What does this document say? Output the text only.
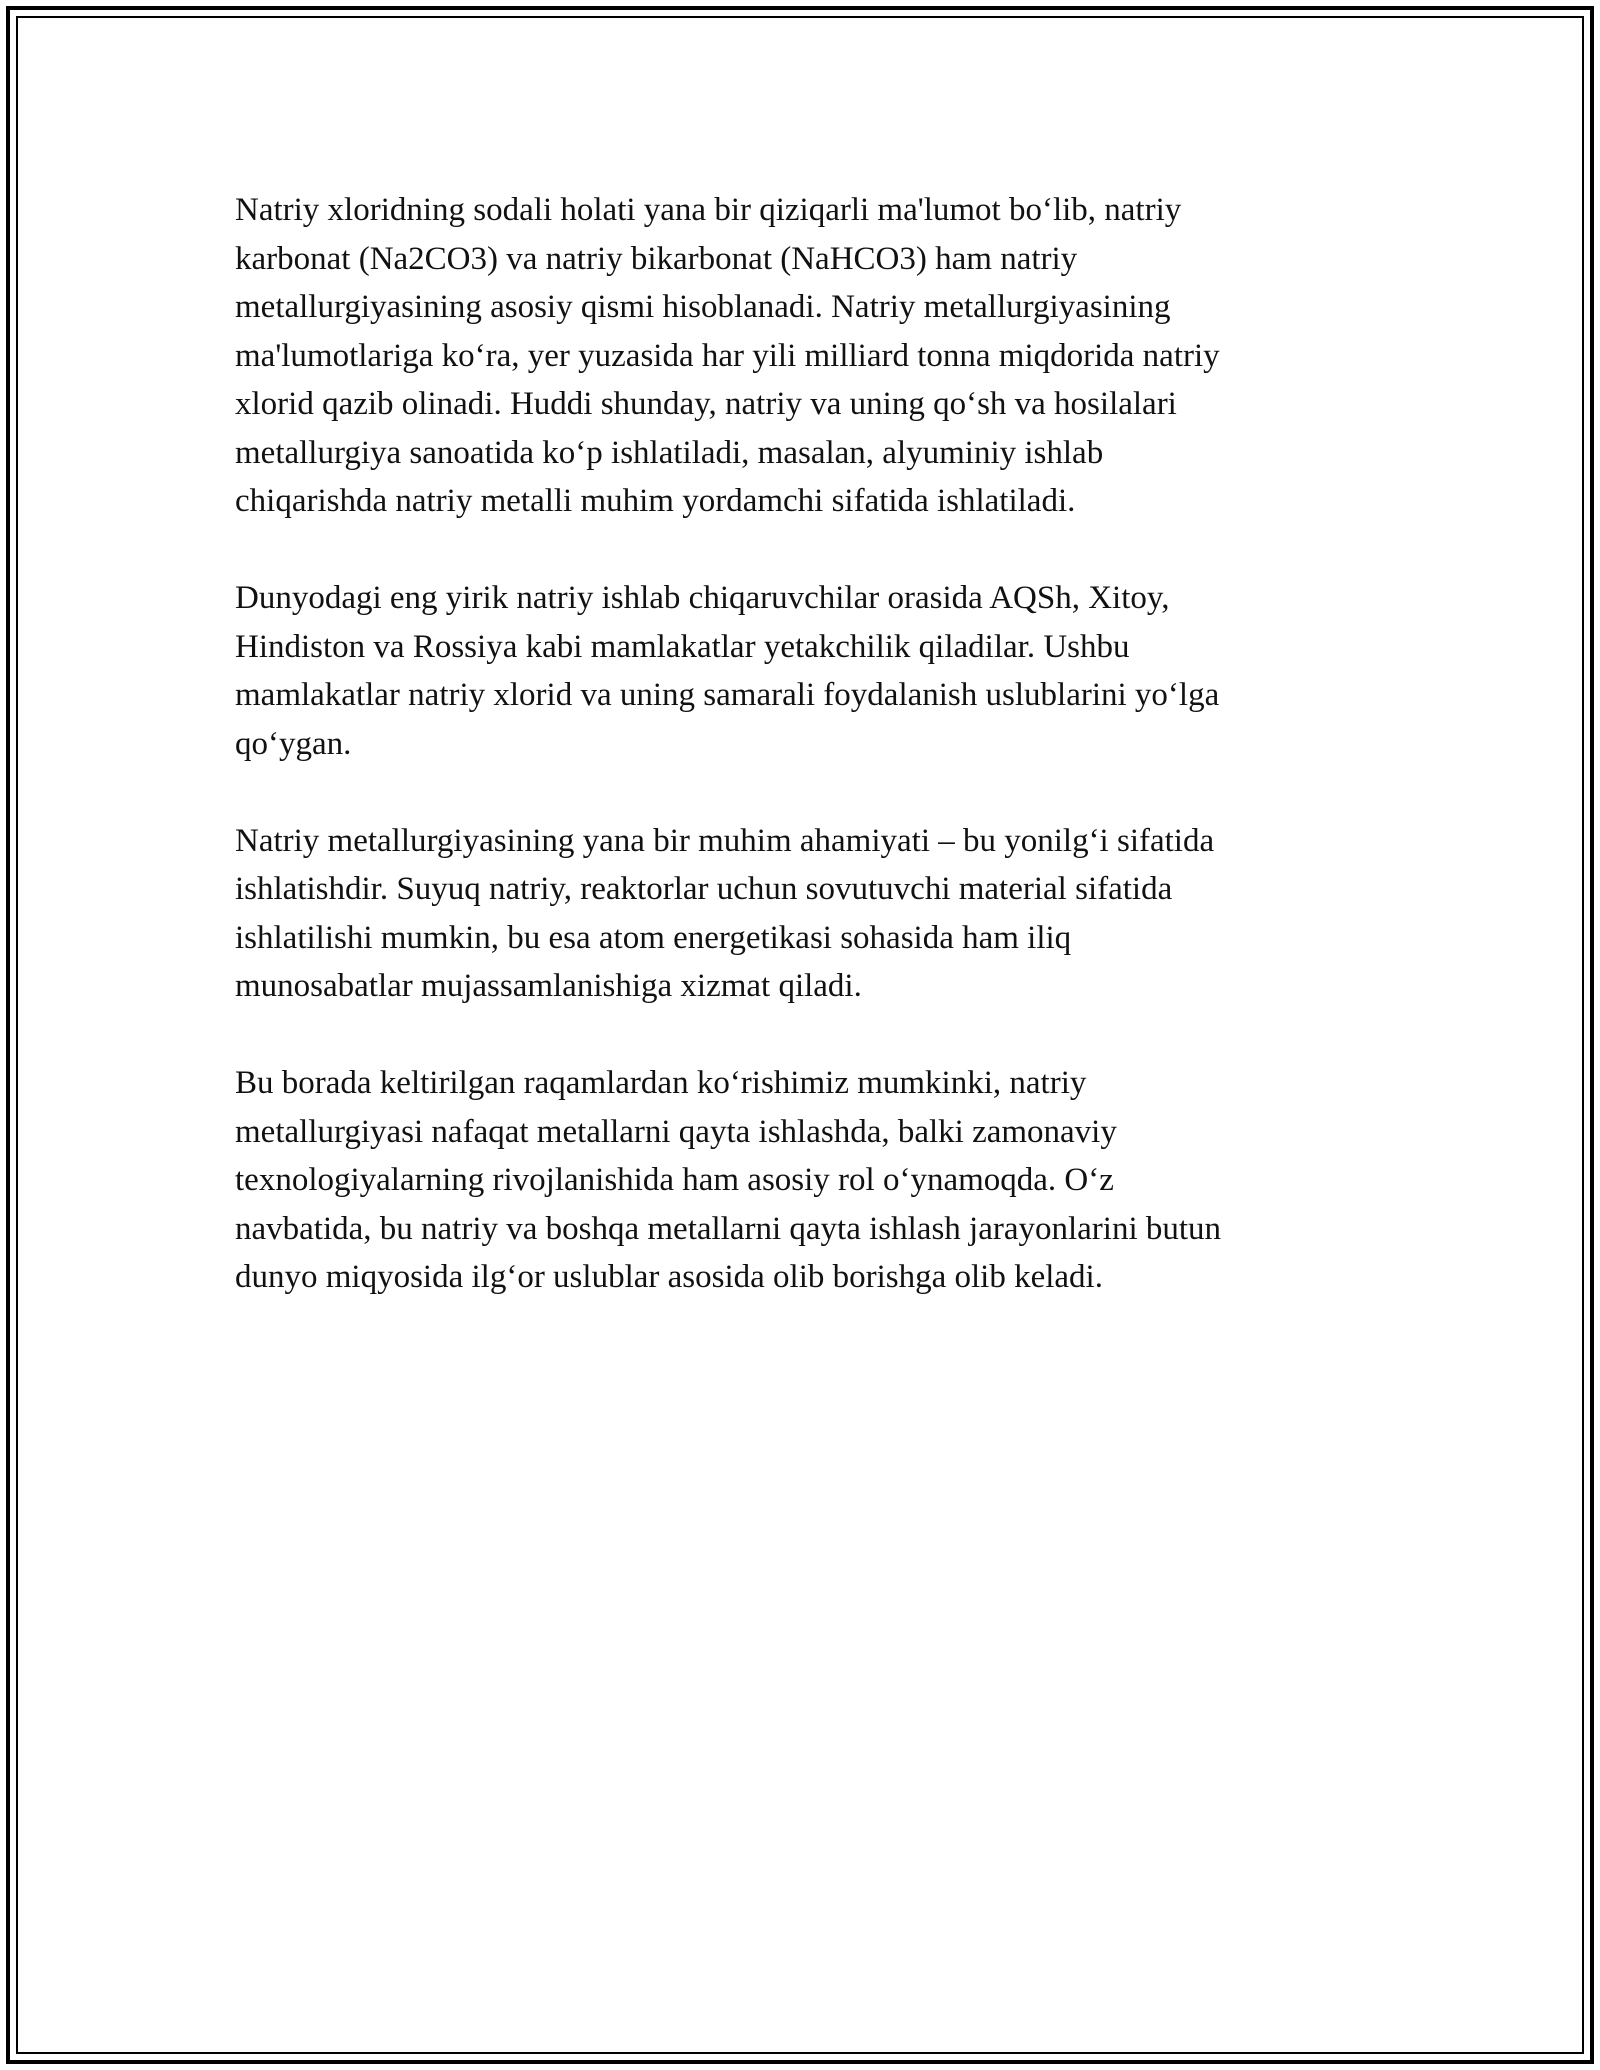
Natriy xloridning sodali holati yana bir qiziqarli ma'lumot bo‘lib, natriy
karbonat (Na2CO3) va natriy bikarbonat (NaHCO3) ham natriy
metallurgiyasining asosiy qismi hisoblanadi. Natriy metallurgiyasining
ma'lumotlariga ko‘ra, yer yuzasida har yili milliard tonna miqdorida natriy
xlorid qazib olinadi. Huddi shunday, natriy va uning qo‘sh va hosilalari
metallurgiya sanoatida ko‘p ishlatiladi, masalan, alyuminiy ishlab
chiqarishda natriy metalli muhim yordamchi sifatida ishlatiladi.

Dunyodagi eng yirik natriy ishlab chiqaruvchilar orasida AQSh, Xitoy,
Hindiston va Rossiya kabi mamlakatlar yetakchilik qiladilar. Ushbu
mamlakatlar natriy xlorid va uning samarali foydalanish uslublarini yo‘lga
qo‘ygan.

Natriy metallurgiyasining yana bir muhim ahamiyati – bu yonilg‘i sifatida
ishlatishdir. Suyuq natriy, reaktorlar uchun sovutuvchi material sifatida
ishlatilishi mumkin, bu esa atom energetikasi sohasida ham iliq
munosabatlar mujassamlanishiga xizmat qiladi.

Bu borada keltirilgan raqamlardan ko‘rishimiz mumkinki, natriy
metallurgiyasi nafaqat metallarni qayta ishlashda, balki zamonaviy
texnologiyalarning rivojlanishida ham asosiy rol o‘ynamoqda. O‘z
navbatida, bu natriy va boshqa metallarni qayta ishlash jarayonlarini butun
dunyo miqyosida ilg‘or uslublar asosida olib borishga olib keladi.
